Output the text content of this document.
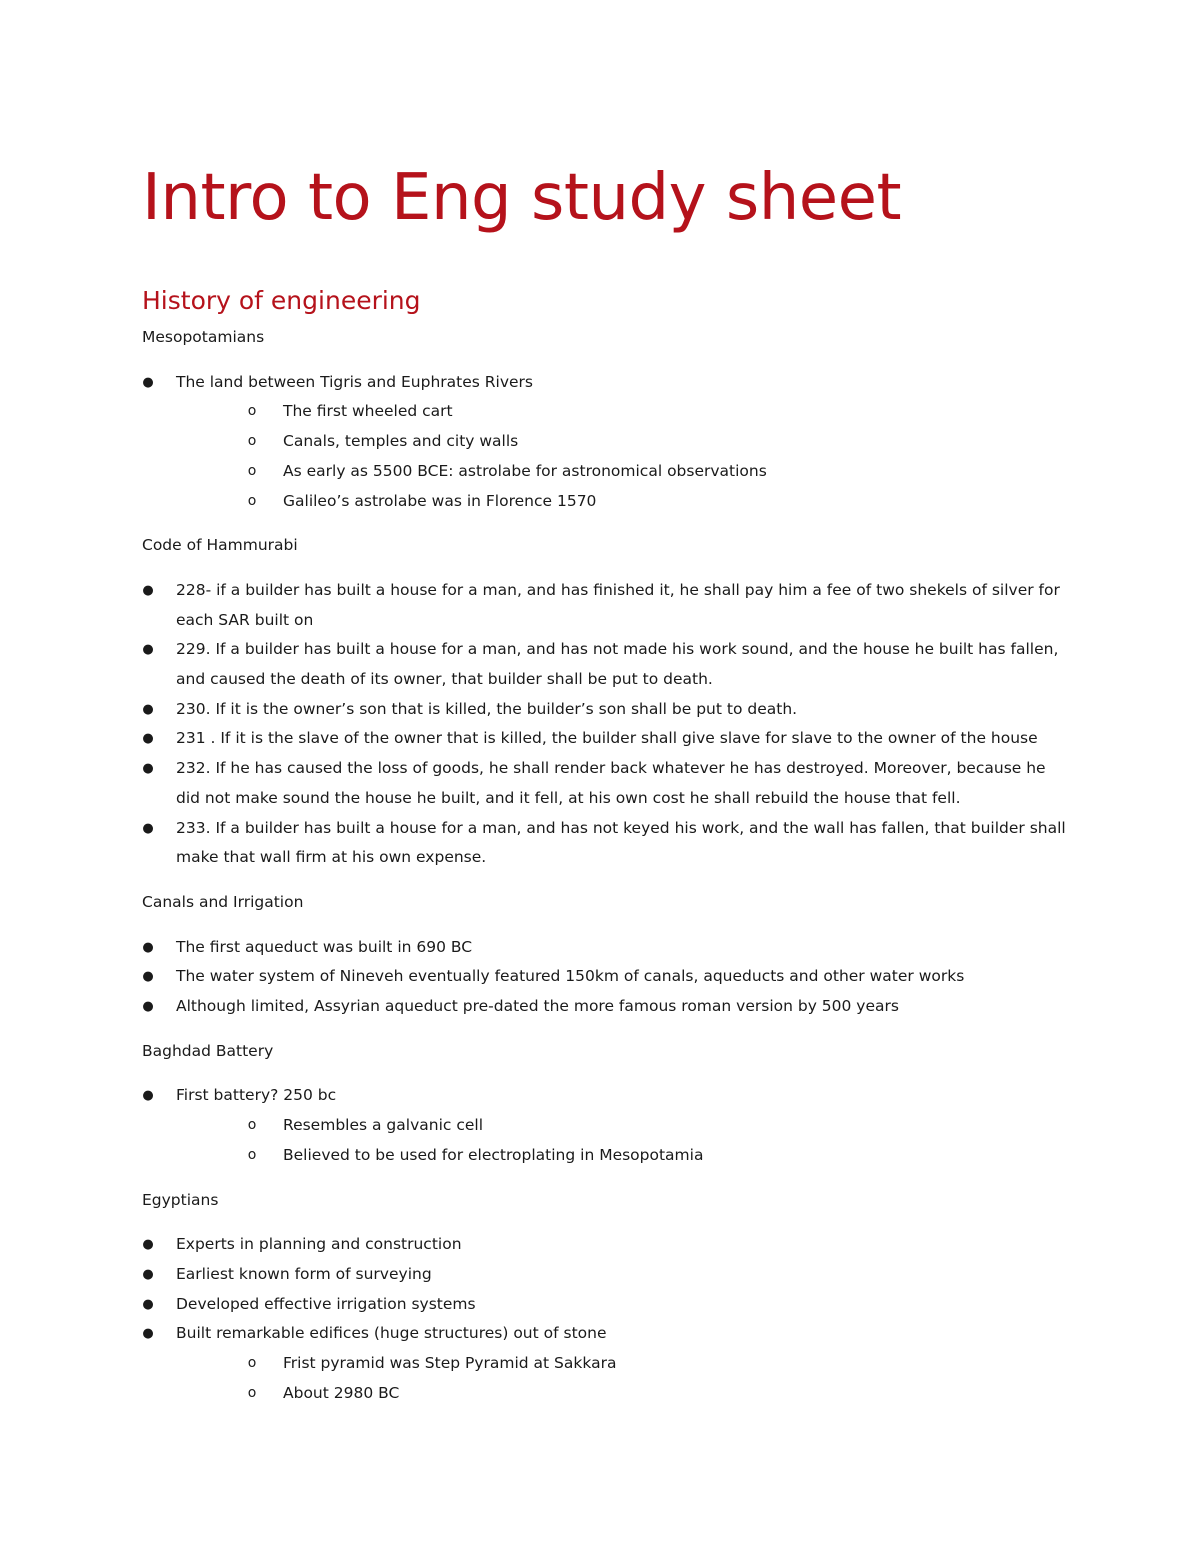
Intro to Eng study sheet
History of engineering

Mesopotamians

● The land between Tigris and Euphrates Rivers
o The first wheeled cart
o Canals, temples and city walls
o As early as 5500 BCE: astrolabe for astronomical observations
o Galileo’s astrolabe was in Florence 1570

Code of Hammurabi

● 228- if a builder has built a house for a man, and has finished it, he shall pay him a fee of two shekels of silver for each SAR built on
● 229. If a builder has built a house for a man, and has not made his work sound, and the house he built has fallen, and caused the death of its owner, that builder shall be put to death.
● 230. If it is the owner’s son that is killed, the builder’s son shall be put to death.
● 231 . If it is the slave of the owner that is killed, the builder shall give slave for slave to the owner of the house
● 232. If he has caused the loss of goods, he shall render back whatever he has destroyed. Moreover, because he did not make sound the house he built, and it fell, at his own cost he shall rebuild the house that fell.
● 233. If a builder has built a house for a man, and has not keyed his work, and the wall has fallen, that builder shall make that wall firm at his own expense.

Canals and Irrigation

● The first aqueduct was built in 690 BC
● The water system of Nineveh eventually featured 150km of canals, aqueducts and other water works
● Although limited, Assyrian aqueduct pre-dated the more famous roman version by 500 years

Baghdad Battery

● First battery? 250 bc
o Resembles a galvanic cell
o Believed to be used for electroplating in Mesopotamia

Egyptians

● Experts in planning and construction
● Earliest known form of surveying
● Developed effective irrigation systems
● Built remarkable edifices (huge structures) out of stone
o Frist pyramid was Step Pyramid at Sakkara
o About 2980 BC
